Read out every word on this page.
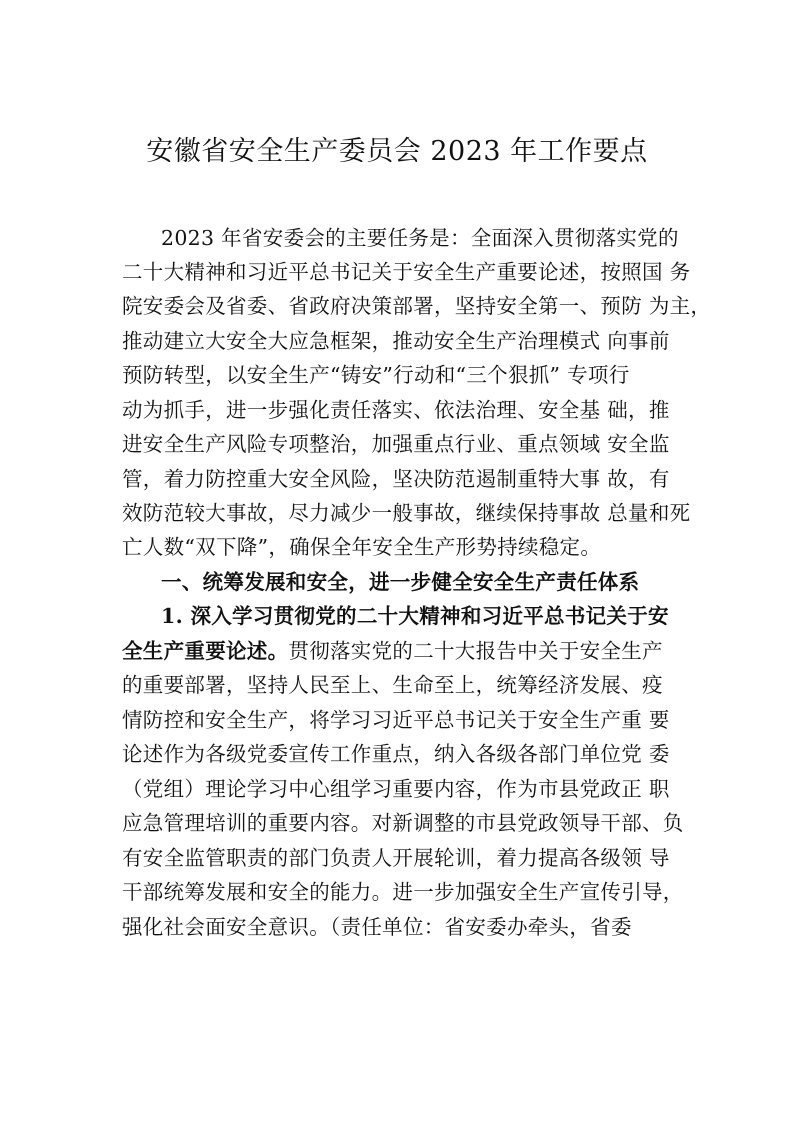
安徽省安全生产委员会 2023 年工作要点
2023 年省安委会的主要任务是：全面深入贯彻落实党的
二十大精神和习近平总书记关于安全生产重要论述，按照国 务
院安委会及省委、省政府决策部署，坚持安全第一、预防 为主，
推动建立大安全大应急框架，推动安全生产治理模式 向事前
预防转型，以安全生产“铸安”行动和“三个狠抓” 专项行
动为抓手，进一步强化责任落实、依法治理、安全基 础，推
进安全生产风险专项整治，加强重点行业、重点领域 安全监
管，着力防控重大安全风险，坚决防范遏制重特大事 故，有
效防范较大事故，尽力减少一般事故，继续保持事故 总量和死
亡人数“双下降”，确保全年安全生产形势持续稳定。
一、统筹发展和安全，进一步健全安全生产责任体系
1. 深入学习贯彻党的二十大精神和习近平总书记关于安
全生产重要论述。贯彻落实党的二十大报告中关于安全生产
的重要部署，坚持人民至上、生命至上，统筹经济发展、疫
情防控和安全生产，将学习习近平总书记关于安全生产重 要
论述作为各级党委宣传工作重点，纳入各级各部门单位党 委
（党组）理论学习中心组学习重要内容，作为市县党政正 职
应急管理培训的重要内容。对新调整的市县党政领导干部、负
有安全监管职责的部门负责人开展轮训，着力提高各级领 导
干部统筹发展和安全的能力。进一步加强安全生产宣传引导，
强化社会面安全意识。（责任单位：省安委办牵头，省委
